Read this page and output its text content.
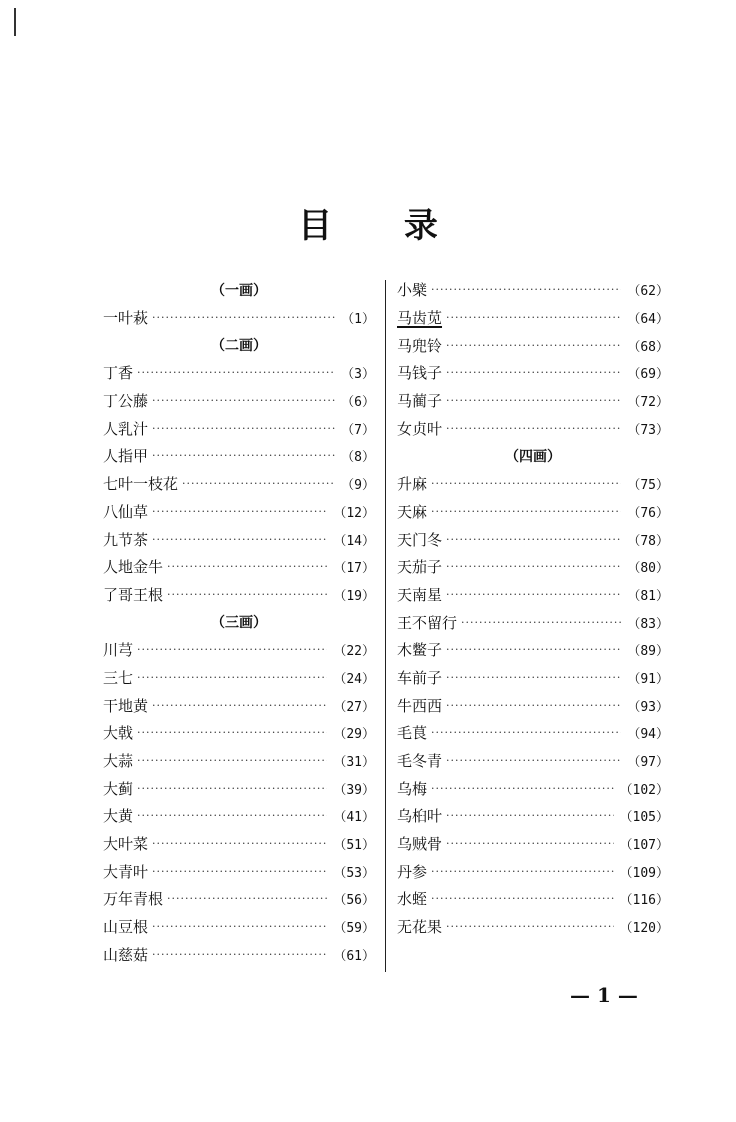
目 录
（一画）
一叶萩 ·····	（1）
（二画）
丁香 ·····	（3）
丁公藤 ·····	（6）
人乳汁 ·····	（7）
人指甲 ·····	（8）
七叶一枝花 ·····	（9）
八仙草 ·····	（12）
九节茶 ·····	（14）
人地金牛 ·····	（17）
了哥王根 ·····	（19）
（三画）
川芎 ·····	（22）
三七 ·····	（24）
干地黄 ·····	（27）
大戟 ·····	（29）
大蒜 ·····	（31）
大蓟 ·····	（39）
大黄 ·····	（41）
大叶菜 ·····	（51）
大青叶 ·····	（53）
万年青根 ·····	（56）
山豆根 ·····	（59）
山慈菇 ·····	（61）
小檗 ·····	（62）
马齿苋 ·····	（64）
马兜铃 ·····	（68）
马钱子 ·····	（69）
马蔺子 ·····	（72）
女贞叶 ·····	（73）
（四画）
升麻 ·····	（75）
天麻 ·····	（76）
天门冬 ·····	（78）
天茄子 ·····	（80）
天南星 ·····	（81）
王不留行 ·····	（83）
木鳖子 ·····	（89）
车前子 ·····	（91）
牛西西 ·····	（93）
毛茛 ·····	（94）
毛冬青 ·····	（97）
乌梅 ·····	（102）
乌桕叶 ·····	（105）
乌贼骨 ·····	（107）
丹参 ·····	（109）
水蛭 ·····	（116）
无花果 ·····	（120）
— 1 —
